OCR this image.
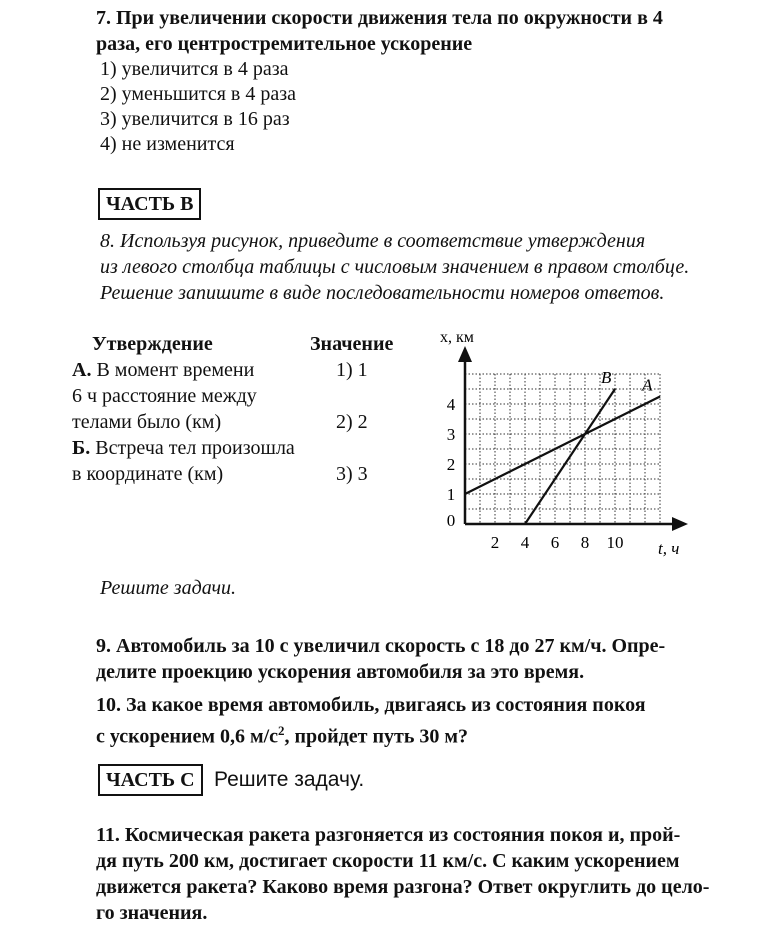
7. При увеличении скорости движения тела по окружности в 4
раза, его центростремительное ускорение
1) увеличится в 4 раза
2) уменьшится в 4 раза
3) увеличится в 16 раз
4) не изменится
ЧАСТЬ В
8. Используя рисунок, приведите в соответствие утверждения
из левого столбца таблицы с числовым значением в правом столбце.
Решение запишите в виде последовательности номеров ответов.
Утверждение	Значение
А. В момент времени
6 ч расстояние между
телами было (км)
Б. Встреча тел произошла
в координате (км)
1) 1
2) 2
3) 3
t, ч
x, км
2 4 6 8 10
0
1
2
3
4
A
B
Решите задачи.
9. Автомобиль за 10 с увеличил скорость с 18 до 27 км/ч. Опре-
делите проекцию ускорения автомобиля за это время.
10. За какое время автомобиль, двигаясь из состояния покоя
с ускорением 0,6 $м/с^2$, пройдет путь 30 м?
ЧАСТЬ С Решите задачу.
11. Космическая ракета разгоняется из состояния покоя и, прой-
дя путь 200 км, достигает скорости 11 км/с. С каким ускорением
движется ракета? Каково время разгона? Ответ округлить до цело-
го значения.
